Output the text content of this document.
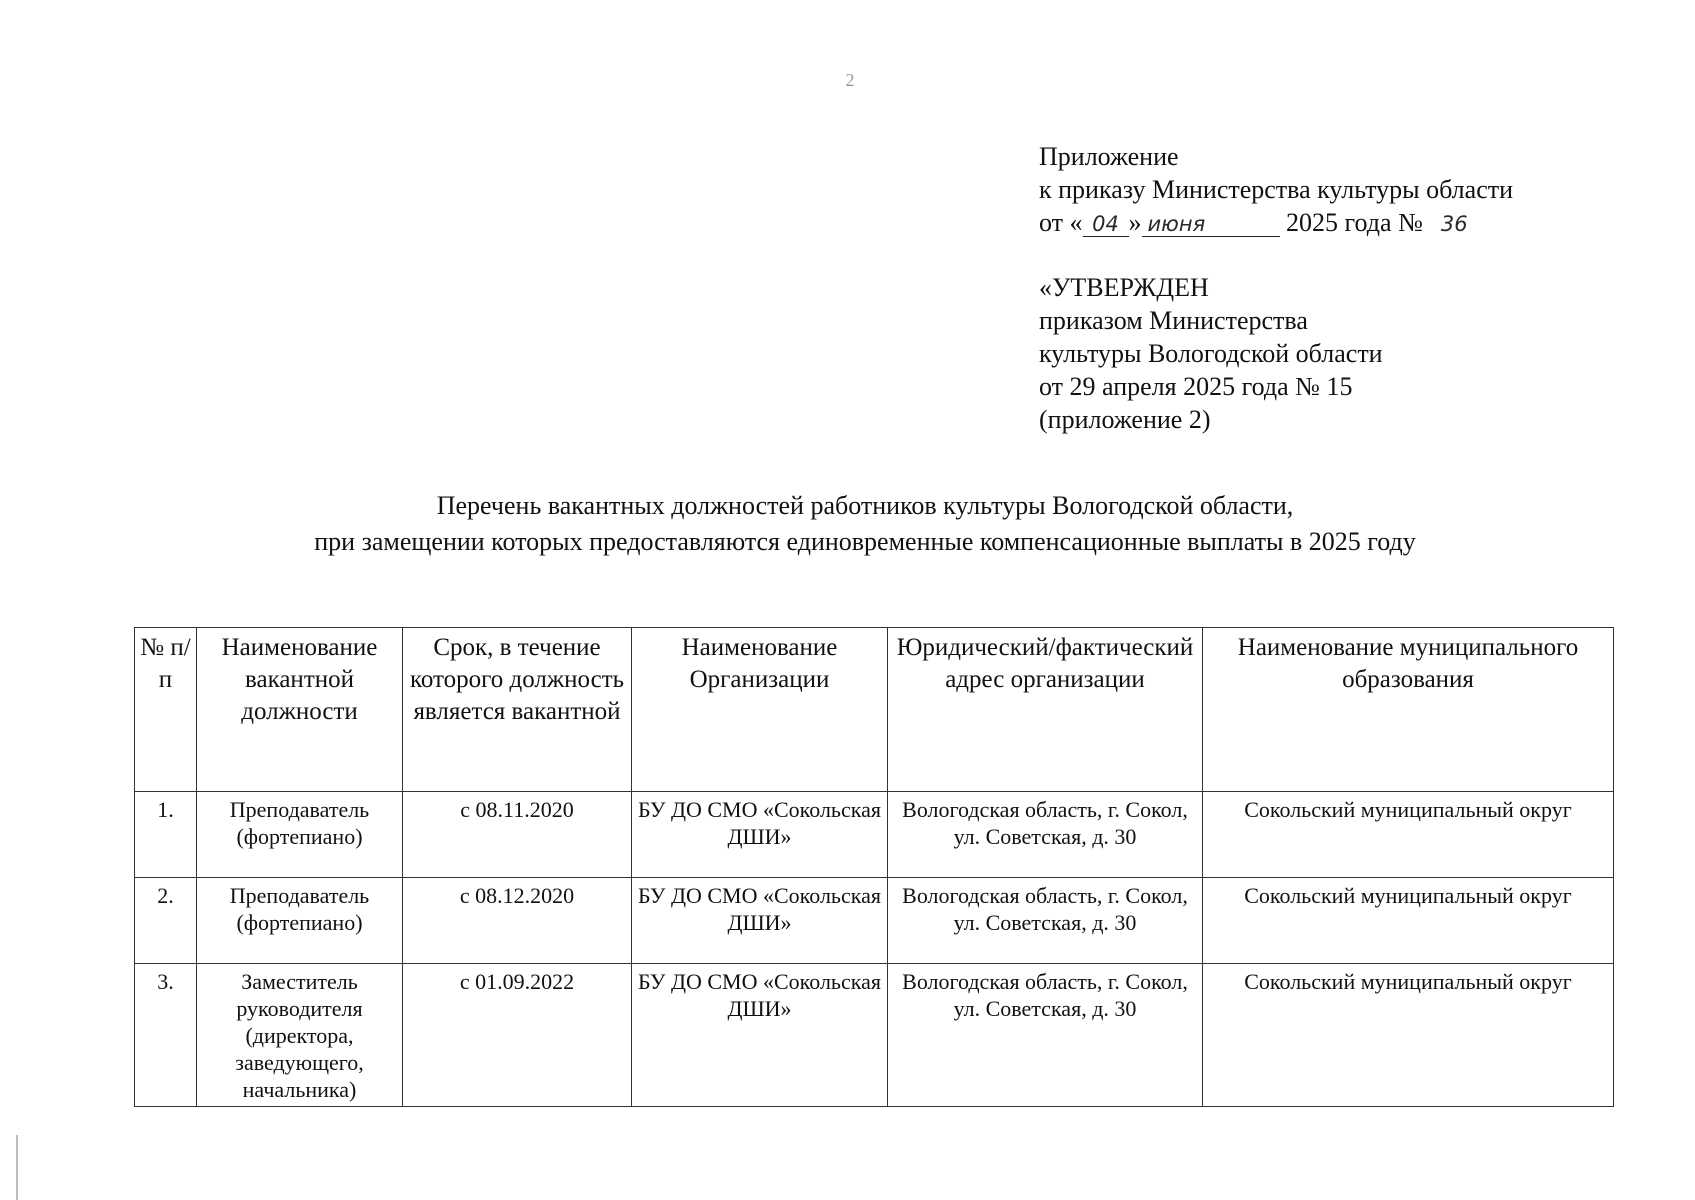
2
Приложение
к приказу Министерства культуры области
от « 04 » июня	2025 года № 36
«УТВЕРЖДЕН
приказом Министерства
культуры Вологодской области
от 29 апреля 2025 года № 15
(приложение 2)
Перечень вакантных должностей работников культуры Вологодской области,
при замещении которых предоставляются единовременные компенсационные выплаты в 2025 году
№ п/п	Наименование вакантной должности	Срок, в течение которого должность является вакантной	Наименование Организации	Юридический/фактический адрес организации	Наименование муниципального образования
1.	Преподаватель (фортепиано)	с 08.11.2020	БУ ДО СМО «Сокольская ДШИ»	Вологодская область, г. Сокол, ул. Советская, д. 30	Сокольский муниципальный округ
2.	Преподаватель (фортепиано)	с 08.12.2020	БУ ДО СМО «Сокольская ДШИ»	Вологодская область, г. Сокол, ул. Советская, д. 30	Сокольский муниципальный округ
3.	Заместитель руководителя (директора, заведующего, начальника)	с 01.09.2022	БУ ДО СМО «Сокольская ДШИ»	Вологодская область, г. Сокол, ул. Советская, д. 30	Сокольский муниципальный округ
